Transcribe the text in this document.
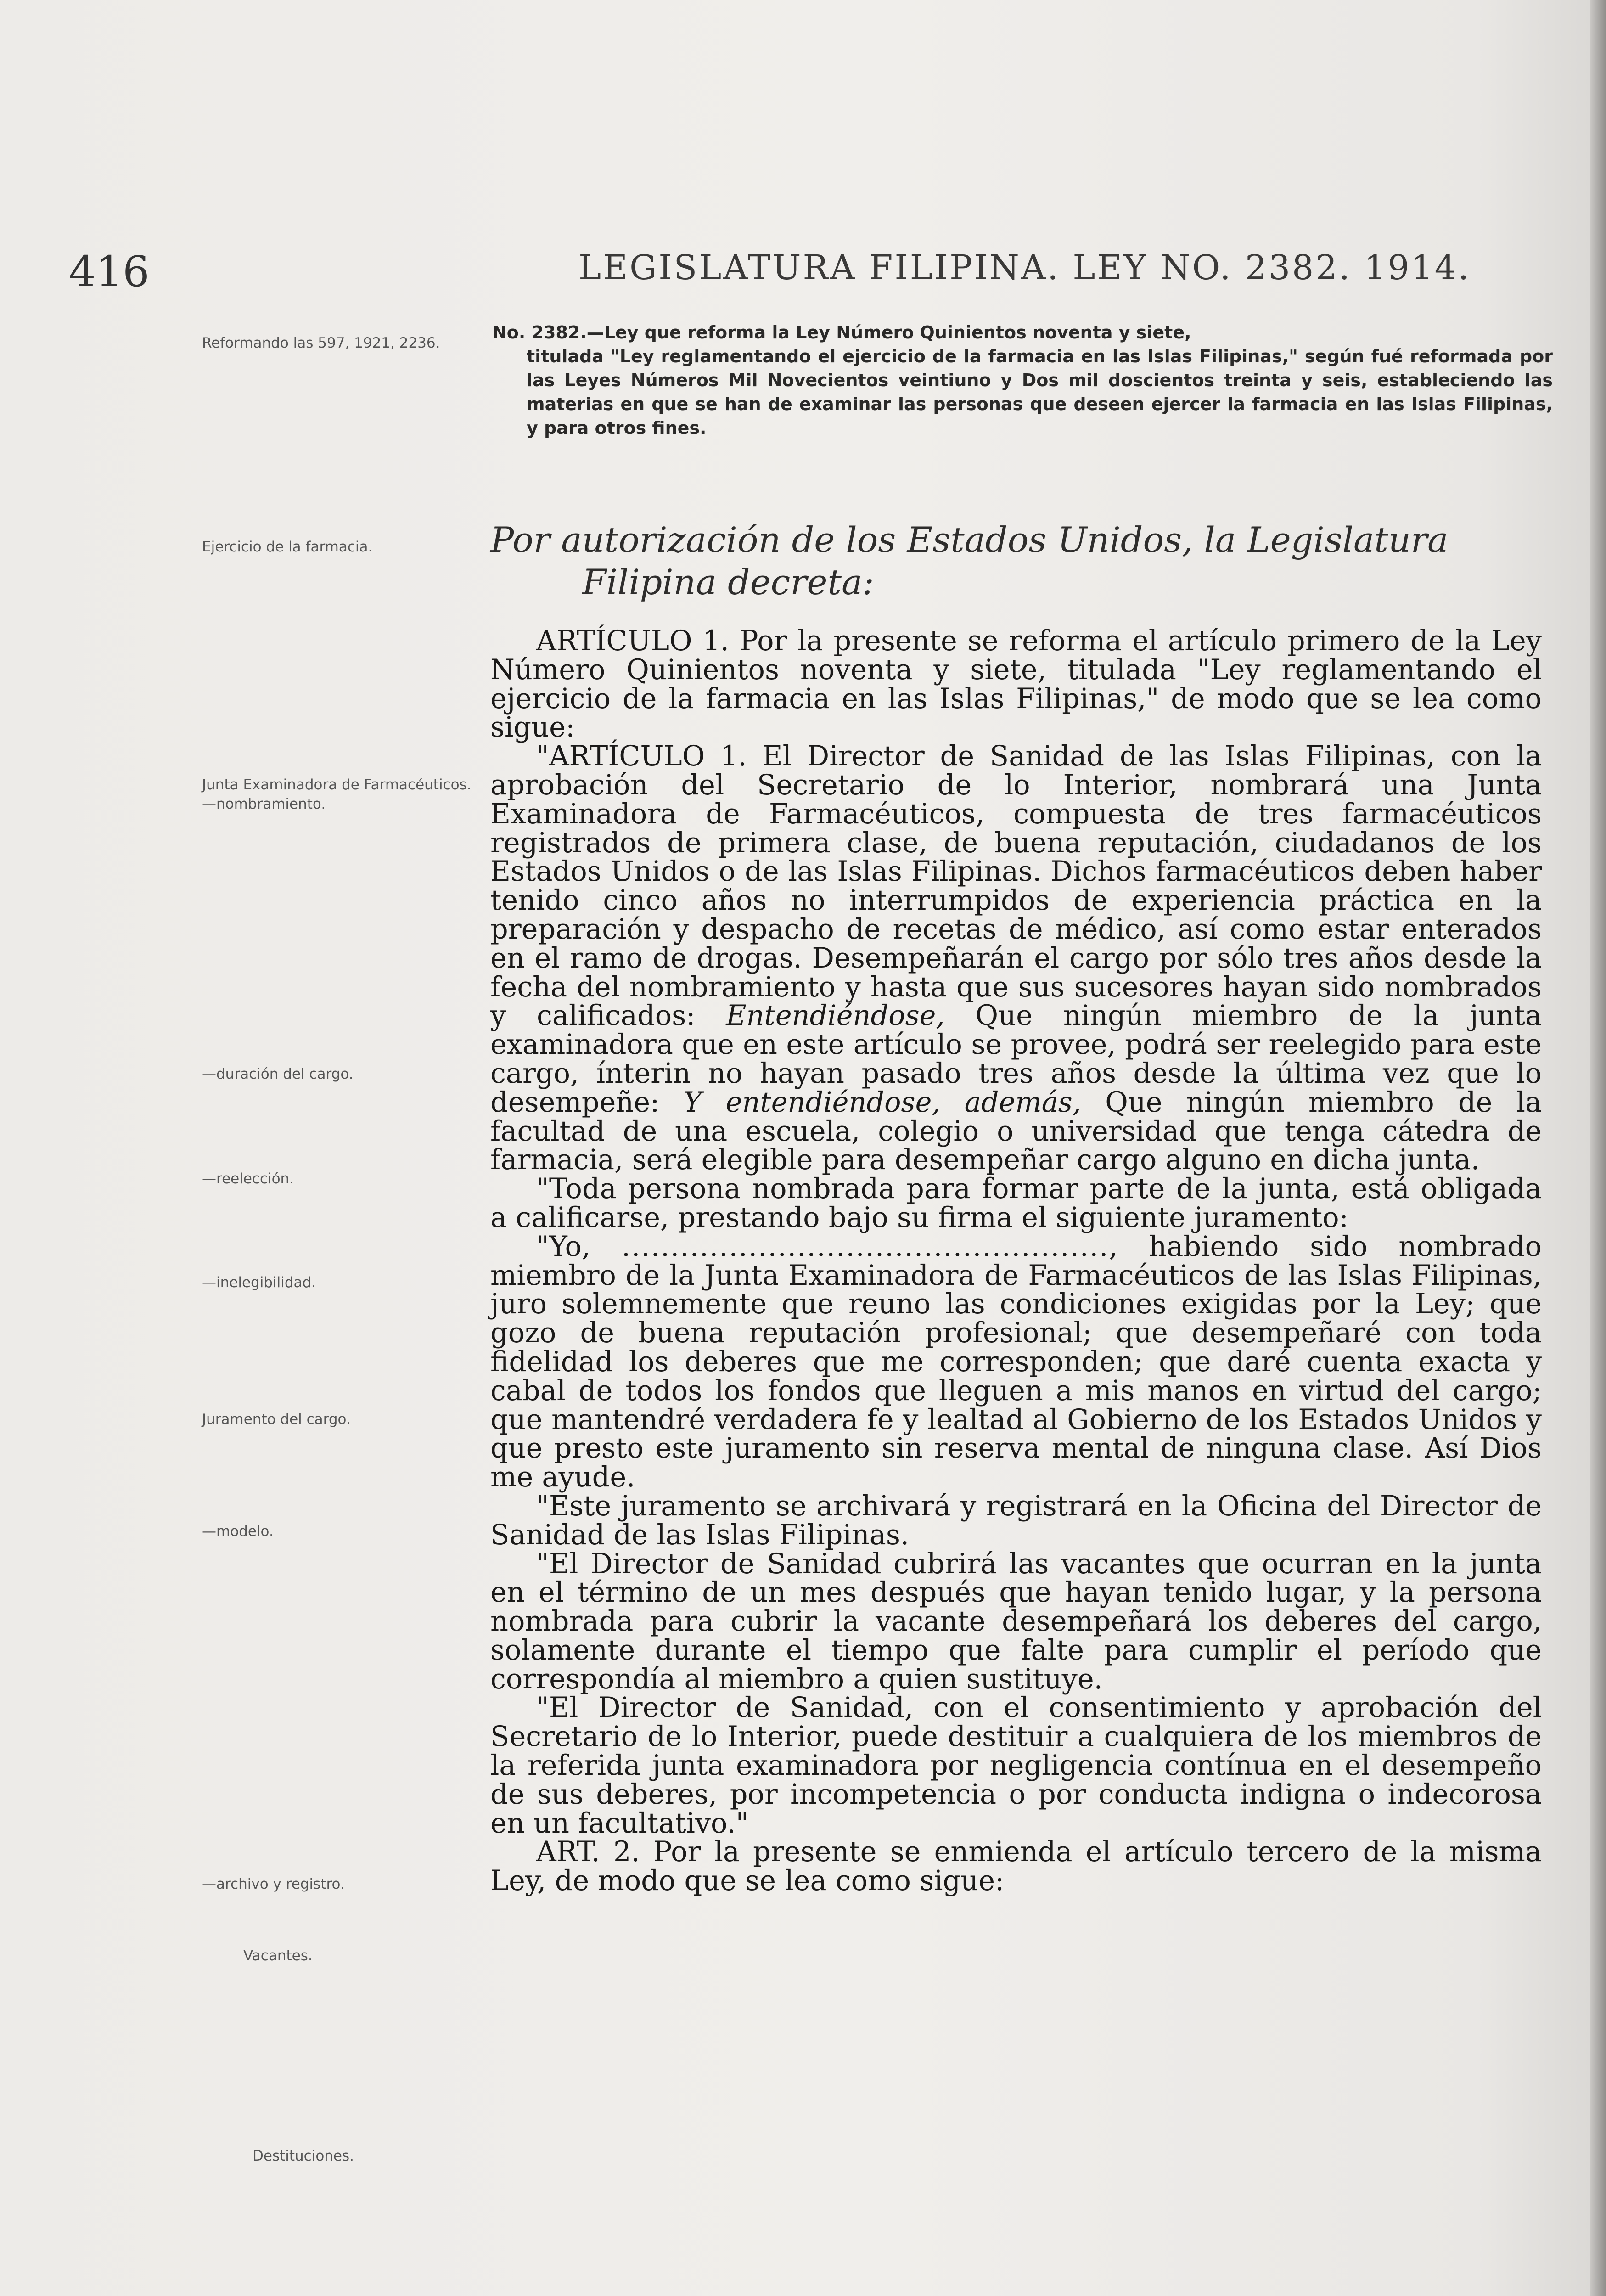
416	LEGISLATURA FILIPINA. LEY NO. 2382. 1914.
Reformando las 597, 1921, 2236.
Ejercicio de la farmacia.
Junta Examinadora de Farmacéuticos. —nombramiento.
—duración del cargo.
—reelección.
—inelegibilidad.
Juramento del cargo.
—modelo.
—archivo y registro.
Vacantes.
Destituciones.
No. 2382.—Ley que reforma la Ley Número Quinientos noventa y siete,
titulada "Ley reglamentando el ejercicio de la farmacia en las Islas Filipinas," según fué reformada por las Leyes Números Mil Novecientos veintiuno y Dos mil doscientos treinta y seis, estableciendo las materias en que se han de examinar las personas que deseen ejercer la farmacia en las Islas Filipinas, y para otros fines.
Por autorización de los Estados Unidos, la Legislatura
Filipina decreta:

ARTÍCULO 1. Por la presente se reforma el artículo primero de la Ley Número Quinientos noventa y siete, titulada "Ley reglamentando el ejercicio de la farmacia en las Islas Filipinas," de modo que se lea como sigue:

"ARTÍCULO 1. El Director de Sanidad de las Islas Filipinas, con la aprobación del Secretario de lo Interior, nombrará una Junta Examinadora de Farmacéuticos, compuesta de tres farmacéuticos registrados de primera clase, de buena reputación, ciudadanos de los Estados Unidos o de las Islas Filipinas. Dichos farmacéuticos deben haber tenido cinco años no interrumpidos de experiencia práctica en la preparación y despacho de recetas de médico, así como estar enterados en el ramo de drogas. Desempeñarán el cargo por sólo tres años desde la fecha del nombramiento y hasta que sus sucesores hayan sido nombrados y calificados: Entendiéndose, Que ningún miembro de la junta examinadora que en este artículo se provee, podrá ser reelegido para este cargo, ínterin no hayan pasado tres años desde la última vez que lo desempeñe: Y entendiéndose, además, Que ningún miembro de la facultad de una escuela, colegio o universidad que tenga cátedra de farmacia, será elegible para desempeñar cargo alguno en dicha junta.

"Toda persona nombrada para formar parte de la junta, está obligada a calificarse, prestando bajo su firma el siguiente juramento:

"Yo, .................................................., habiendo sido nombrado miembro de la Junta Examinadora de Farmacéuticos de las Islas Filipinas, juro solemnemente que reuno las condiciones exigidas por la Ley; que gozo de buena reputación profesional; que desempeñaré con toda fidelidad los deberes que me corresponden; que daré cuenta exacta y cabal de todos los fondos que lleguen a mis manos en virtud del cargo; que mantendré verdadera fe y lealtad al Gobierno de los Estados Unidos y que presto este juramento sin reserva mental de ninguna clase. Así Dios me ayude.

"Este juramento se archivará y registrará en la Oficina del Director de Sanidad de las Islas Filipinas.

"El Director de Sanidad cubrirá las vacantes que ocurran en la junta en el término de un mes después que hayan tenido lugar, y la persona nombrada para cubrir la vacante desempeñará los deberes del cargo, solamente durante el tiempo que falte para cumplir el período que correspondía al miembro a quien sustituye.

"El Director de Sanidad, con el consentimiento y aprobación del Secretario de lo Interior, puede destituir a cualquiera de los miembros de la referida junta examinadora por negligencia contínua en el desempeño de sus deberes, por incompetencia o por conducta indigna o indecorosa en un facultativo."

ART. 2. Por la presente se enmienda el artículo tercero de la misma Ley, de modo que se lea como sigue:
